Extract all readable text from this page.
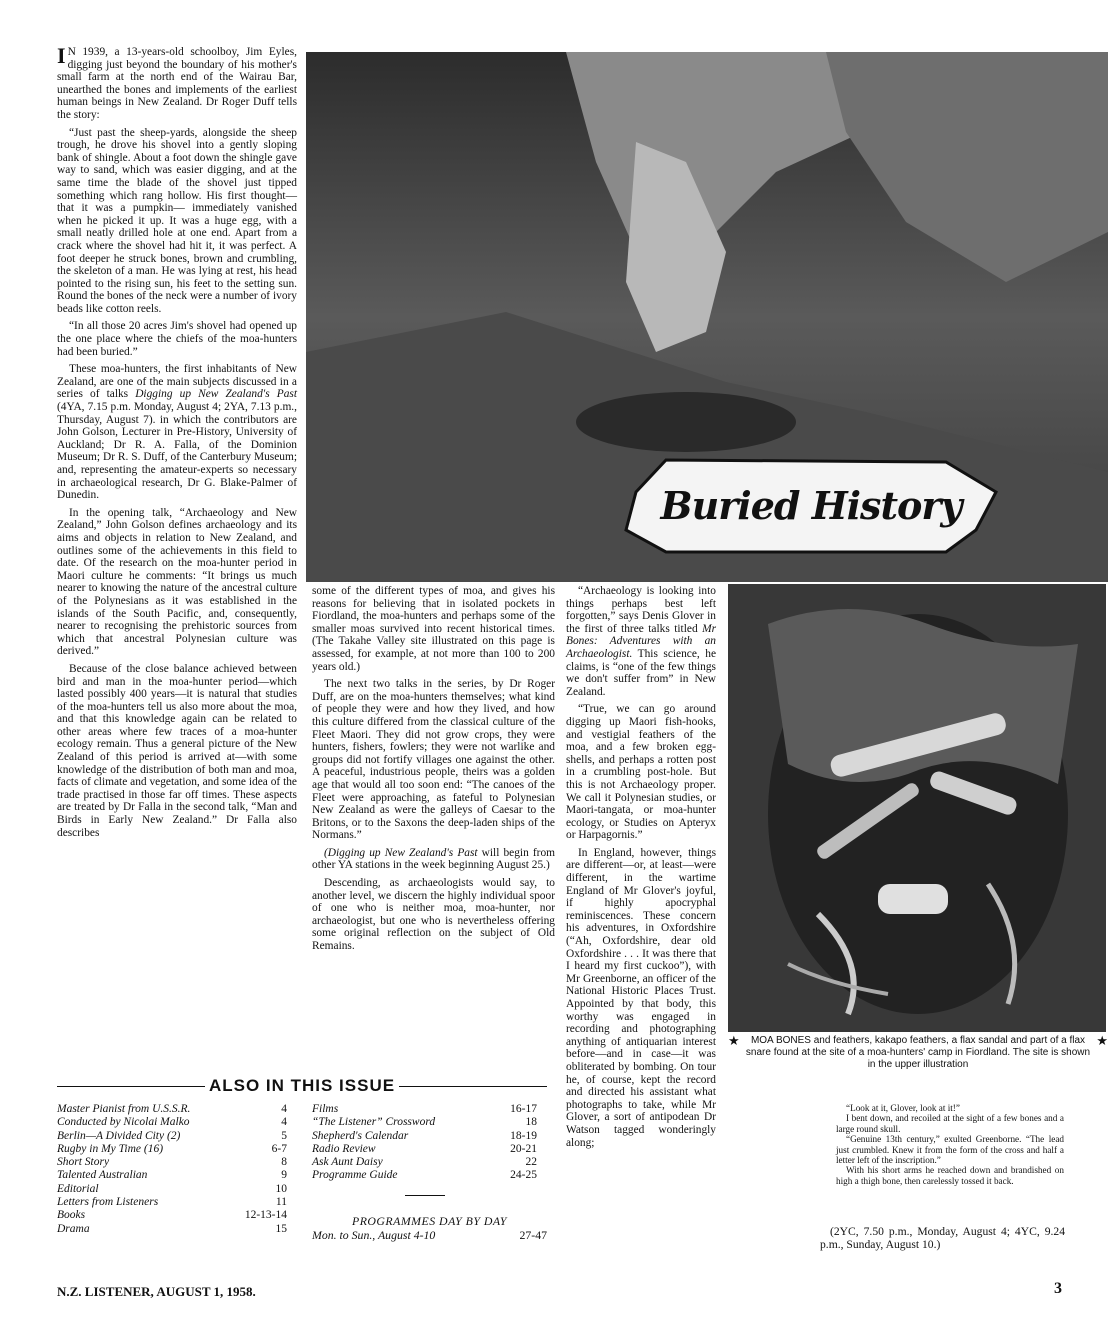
I N 1939, a 13-years-old schoolboy, Jim Eyles, digging just beyond the boundary of his mother's small farm at the north end of the Wairau Bar, unearthed the bones and implements of the earliest human beings in New Zealand. Dr Roger Duff tells the story:

“Just past the sheep-yards, alongside the sheep trough, he drove his shovel into a gently sloping bank of shingle. About a foot down the shingle gave way to sand, which was easier digging, and at the same time the blade of the shovel just tipped something which rang hollow. His first thought—that it was a pumpkin— immediately vanished when he picked it up. It was a huge egg, with a small neatly drilled hole at one end. Apart from a crack where the shovel had hit it, it was perfect. A foot deeper he struck bones, brown and crumbling, the skeleton of a man. He was lying at rest, his head pointed to the rising sun, his feet to the setting sun. Round the bones of the neck were a number of ivory beads like cotton reels.

“In all those 20 acres Jim's shovel had opened up the one place where the chiefs of the moa-hunters had been buried.”

These moa-hunters, the first inhabitants of New Zealand, are one of the main subjects discussed in a series of talks Digging up New Zealand's Past (4YA, 7.15 p.m. Monday, August 4; 2YA, 7.13 p.m., Thursday, August 7). in which the contributors are John Golson, Lecturer in Pre-History, University of Auckland; Dr R. A. Falla, of the Dominion Museum; Dr R. S. Duff, of the Canterbury Museum; and, representing the amateur-experts so necessary in archaeological research, Dr G. Blake-Palmer of Dunedin.

In the opening talk, “Archaeology and New Zealand,” John Golson defines archaeology and its aims and objects in relation to New Zealand, and outlines some of the achievements in this field to date. Of the research on the moa-hunter period in Maori culture he comments: “It brings us much nearer to knowing the nature of the ancestral culture of the Polynesians as it was established in the islands of the South Pacific, and, consequently, nearer to recognising the prehistoric sources from which that ancestral Polynesian culture was derived.”

Because of the close balance achieved between bird and man in the moa-hunter period—which lasted possibly 400 years—it is natural that studies of the moa-hunters tell us also more about the moa, and that this knowledge again can be related to other areas where few traces of a moa-hunter ecology remain. Thus a general picture of the New Zealand of this period is arrived at—with some knowledge of the distribution of both man and moa, facts of climate and vegetation, and some idea of the trade practised in those far off times. These aspects are treated by Dr Falla in the second talk, “Man and Birds in Early New Zealand.” Dr Falla also describes

Buried History

some of the different types of moa, and gives his reasons for believing that in isolated pockets in Fiordland, the moa-hunters and perhaps some of the smaller moas survived into recent historical times. (The Takahe Valley site illustrated on this page is assessed, for example, at not more than 100 to 200 years old.)

The next two talks in the series, by Dr Roger Duff, are on the moa-hunters themselves; what kind of people they were and how they lived, and how this culture differed from the classical culture of the Fleet Maori. They did not grow crops, they were hunters, fishers, fowlers; they were not warlike and groups did not fortify villages one against the other. A peaceful, industrious people, theirs was a golden age that would all too soon end: “The canoes of the Fleet were approaching, as fateful to Polynesian New Zealand as were the galleys of Caesar to the Britons, or to the Saxons the deep-laden ships of the Normans.”

(Digging up New Zealand's Past will begin from other YA stations in the week beginning August 25.)

Descending, as archaeologists would say, to another level, we discern the highly individual spoor of one who is neither moa, moa-hunter, nor archaeologist, but one who is nevertheless offering some original reflection on the subject of Old Remains.

“Archaeology is looking into things perhaps best left forgotten,” says Denis Glover in the first of three talks titled Mr Bones: Adventures with an Archaeologist. This science, he claims, is “one of the few things we don't suffer from” in New Zealand.

“True, we can go around digging up Maori fish-hooks, and vestigial feathers of the moa, and a few broken egg-shells, and perhaps a rotten post in a crumbling post-hole. But this is not Archaeology proper. We call it Polynesian studies, or Maori-tangata, or moa-hunter ecology, or Studies on Apteryx or Harpagornis.”

In England, however, things are different—or, at least—were different, in the wartime England of Mr Glover's joyful, if highly apocryphal reminiscences. These concern his adventures, in Oxfordshire (“Ah, Oxfordshire, dear old Oxfordshire . . . It was there that I heard my first cuckoo”), with Mr Greenborne, an officer of the National Historic Places Trust. Appointed by that body, this worthy was engaged in recording and photographing anything of antiquarian interest before—and in case—it was obliterated by bombing. On tour he, of course, kept the record and directed his assistant what photographs to take, while Mr Glover, a sort of antipodean Dr Watson tagged wonderingly along;

★	MOA BONES and feathers, kakapo feathers, a flax sandal and part of a flax snare found at the site of a moa-hunters' camp in Fiordland. The site is shown in the upper illustration
★

“Look at it, Glover, look at it!”

I bent down, and recoiled at the sight of a few bones and a large round skull.

“Genuine 13th century,” exulted Greenborne. “The lead just crumbled. Knew it from the form of the cross and half a letter left of the inscription.”

With his short arms he reached down and brandished on high a thigh bone, then carelessly tossed it back.

(2YC, 7.50 p.m., Monday, August 4; 4YC, 9.24 p.m., Sunday, August 10.)
ALSO IN THIS ISSUE
Master Pianist from U.S.S.R.	4
Conducted by Nicolai Malko	4
Berlin—A Divided City (2)	5
Rugby in My Time (16)	6-7
Short Story	8
Talented Australian	9
Editorial	10
Letters from Listeners	11
Books	12-13-14
Drama	15
Films	16-17
“The Listener” Crossword	18
Shepherd's Calendar	18-19
Radio Review	20-21
Ask Aunt Daisy	22
Programme Guide	24-25
PROGRAMMES DAY BY DAY
Mon. to Sun., August 4-10	27-47
N.Z. LISTENER, AUGUST 1, 1958.	3
